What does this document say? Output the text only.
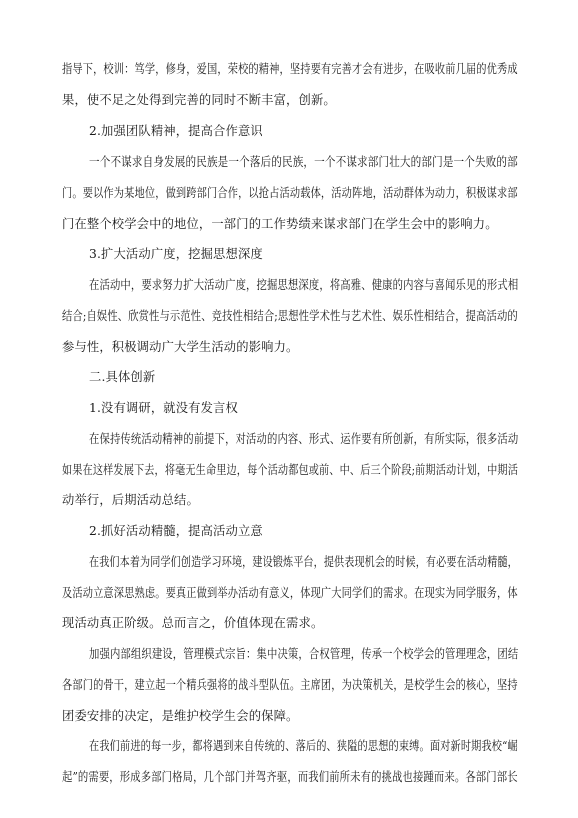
指导下，校训：笃学，修身，爱国，荣校的精神，坚持要有完善才会有进步，在吸收前几届的优秀成
果，使不足之处得到完善的同时不断丰富，创新。
2.加强团队精神，提高合作意识
一个不谋求自身发展的民族是一个落后的民族，一个不谋求部门壮大的部门是一个失败的部
门。要以作为某地位，做到跨部门合作，以抢占活动载体，活动阵地，活动群体为动力，积极谋求部
门在整个校学会中的地位，一部门的工作势绩来谋求部门在学生会中的影响力。
3.扩大活动广度，挖掘思想深度
在活动中，要求努力扩大活动广度，挖掘思想深度，将高雅、健康的内容与喜闻乐见的形式相
结合;自娱性、欣赏性与示范性、竞技性相结合;思想性学术性与艺术性、娱乐性相结合，提高活动的
参与性，积极调动广大学生活动的影响力。
二.具体创新
1.没有调研，就没有发言权
在保持传统活动精神的前提下，对活动的内容、形式、运作要有所创新，有所实际，很多活动
如果在这样发展下去，将毫无生命里边，每个活动都包或前、中、后三个阶段;前期活动计划，中期活
动举行，后期活动总结。
2.抓好活动精髓，提高活动立意
在我们本着为同学们创造学习环境，建设锻炼平台，提供表现机会的时候，有必要在活动精髓，
及活动立意深思熟虑。要真正做到举办活动有意义，体现广大同学们的需求。在现实为同学服务，体
现活动真正阶级。总而言之，价值体现在需求。
加强内部组织建设，管理模式宗旨：集中决策，合权管理，传承一个校学会的管理理念，团结
各部门的骨干，建立起一个精兵强将的战斗型队伍。主席团，为决策机关，是校学生会的核心，坚持
团委安排的决定，是维护校学生会的保障。
在我们前进的每一步，都将遇到来自传统的、落后的、狭隘的思想的束缚。面对新时期我校“崛
起”的需要，形成多部门格局，几个部门并驾齐驱，而我们前所未有的挑战也接踵而来。各部门部长
